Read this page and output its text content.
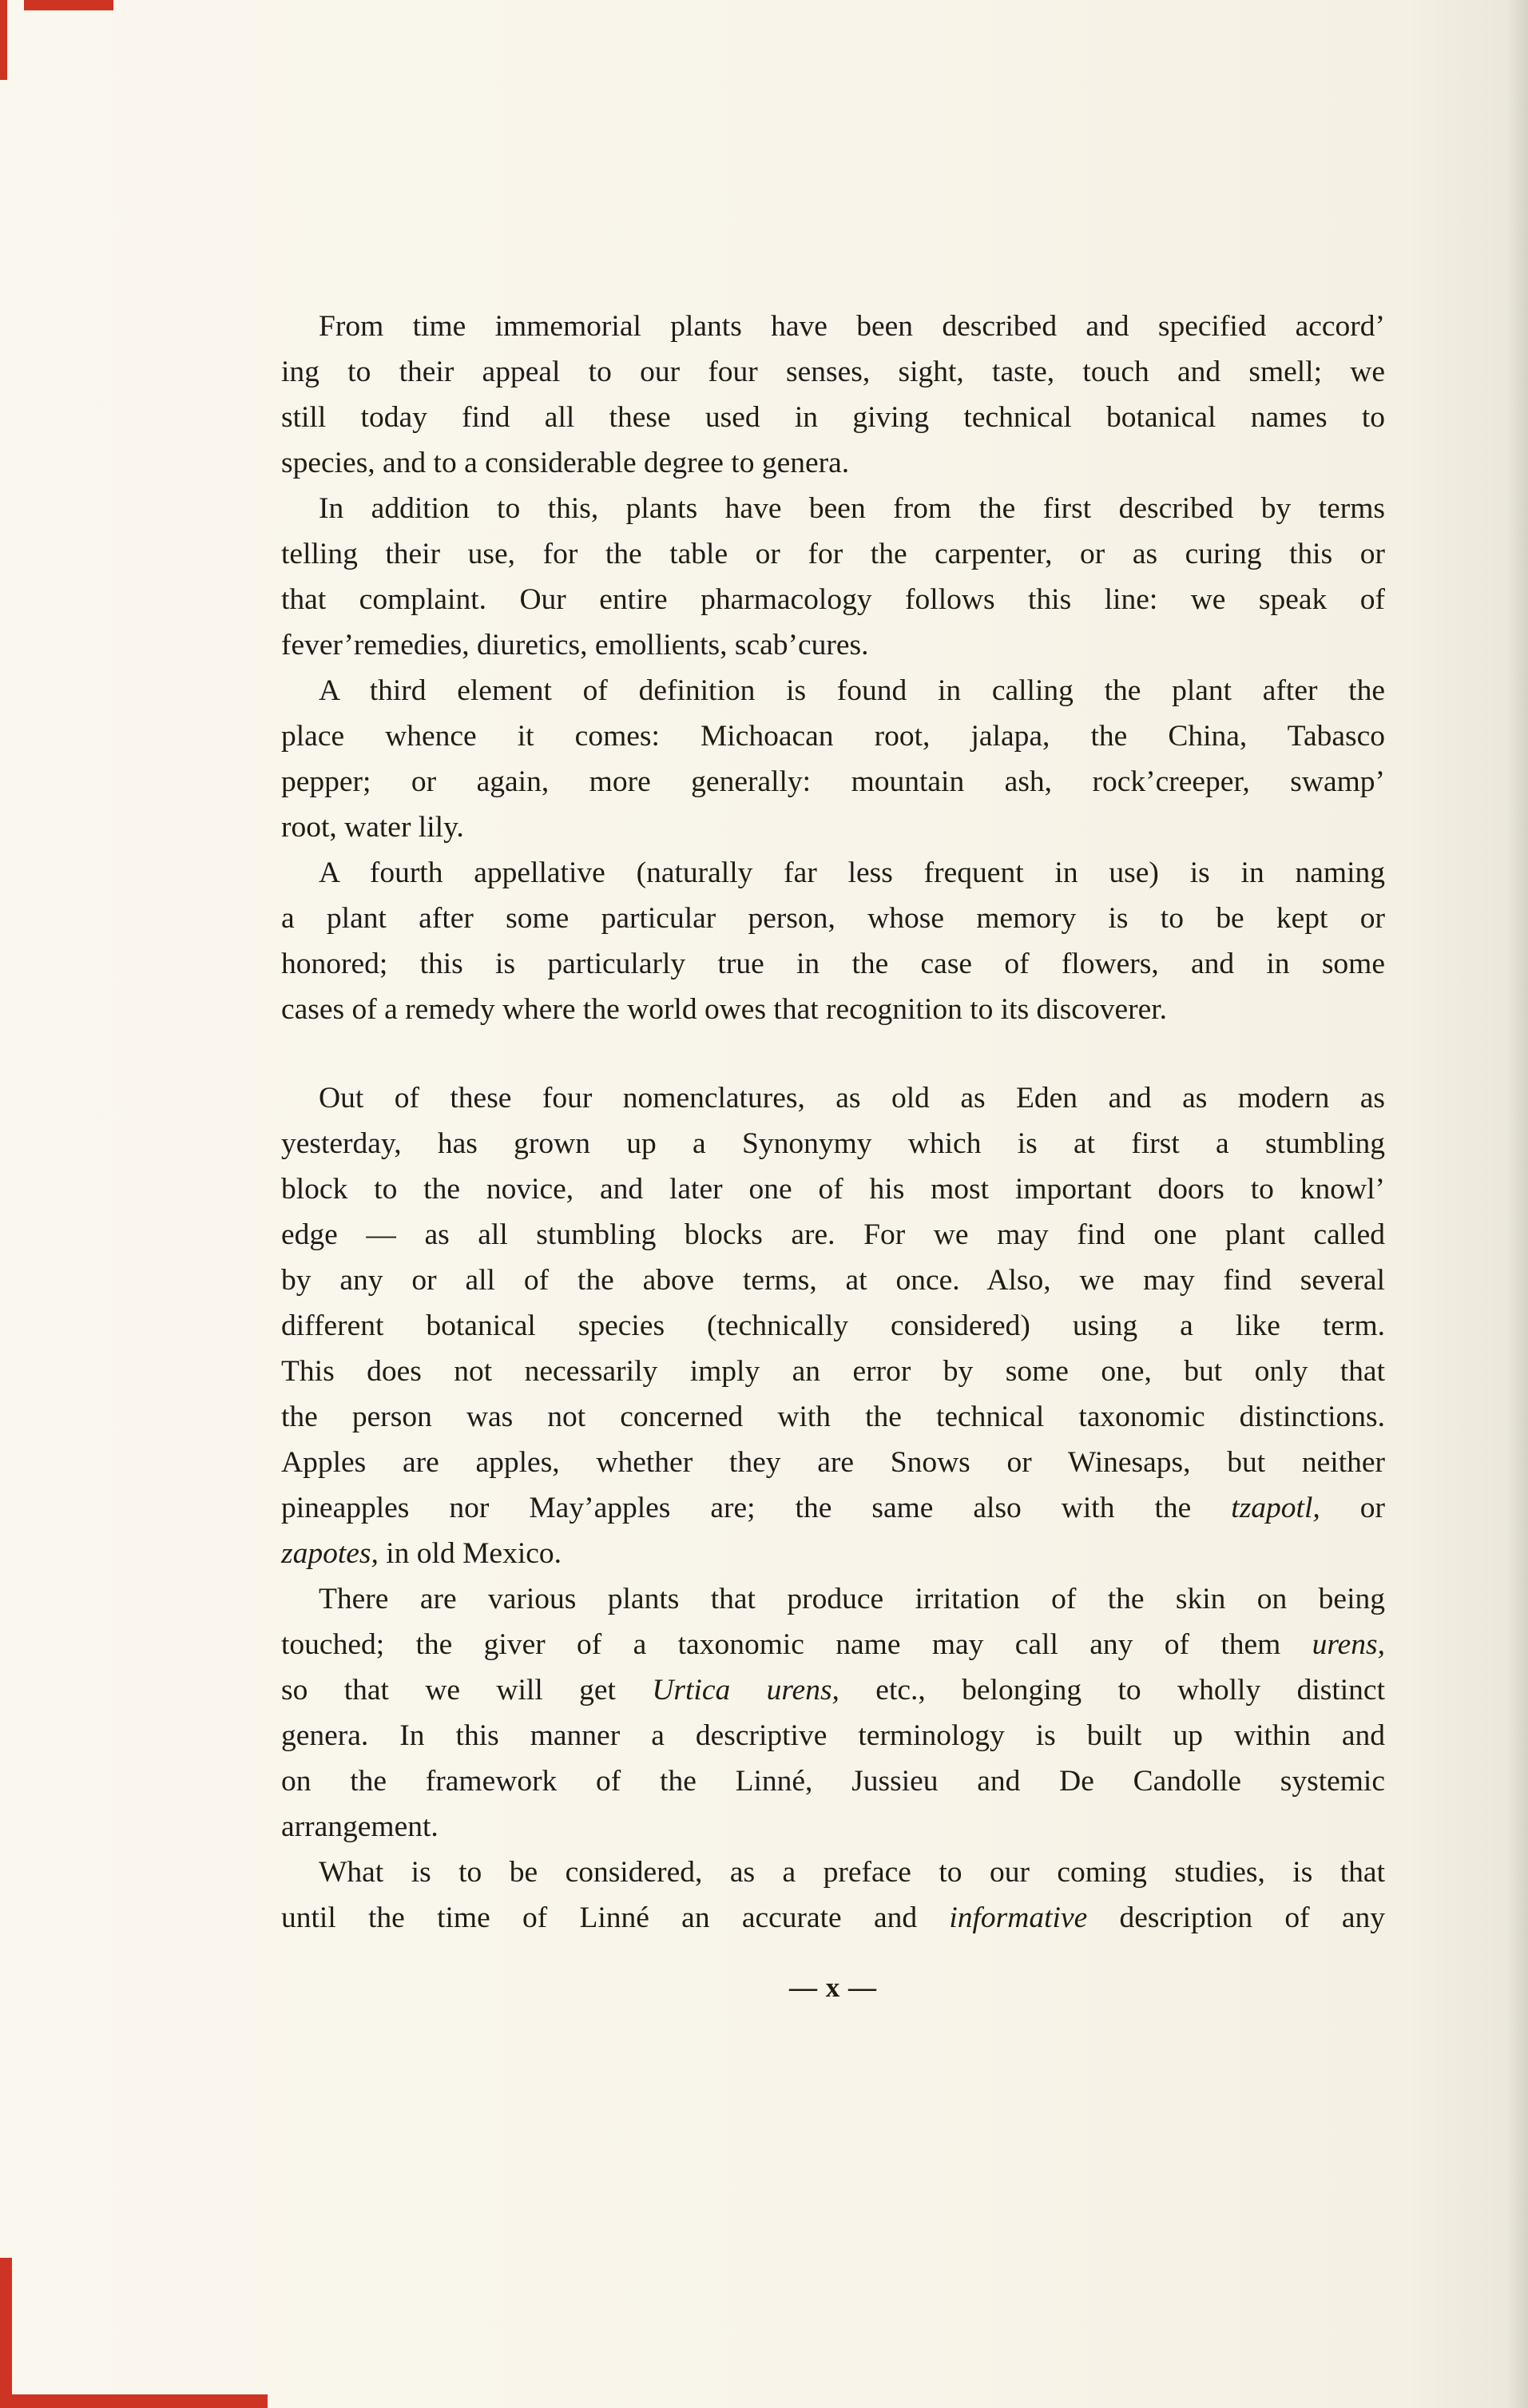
From time immemorial plants have been described and specified accord’
ing to their appeal to our four senses, sight, taste, touch and smell; we
still today find all these used in giving technical botanical names to
species, and to a considerable degree to genera.
In addition to this, plants have been from the first described by terms
telling their use, for the table or for the carpenter, or as curing this or
that complaint. Our entire pharmacology follows this line: we speak of
fever’remedies, diuretics, emollients, scab’cures.
A third element of definition is found in calling the plant after the
place whence it comes: Michoacan root, jalapa, the China, Tabasco
pepper; or again, more generally: mountain ash, rock’creeper, swamp’
root, water lily.
A fourth appellative (naturally far less frequent in use) is in naming
a plant after some particular person, whose memory is to be kept or
honored; this is particularly true in the case of flowers, and in some
cases of a remedy where the world owes that recognition to its discoverer.
Out of these four nomenclatures, as old as Eden and as modern as
yesterday, has grown up a Synonymy which is at first a stumbling
block to the novice, and later one of his most important doors to knowl’
edge — as all stumbling blocks are. For we may find one plant called
by any or all of the above terms, at once. Also, we may find several
different botanical species (technically considered) using a like term.
This does not necessarily imply an error by some one, but only that
the person was not concerned with the technical taxonomic distinctions.
Apples are apples, whether they are Snows or Winesaps, but neither
pineapples nor May’apples are; the same also with the tzapotl, or
zapotes, in old Mexico.
There are various plants that produce irritation of the skin on being
touched; the giver of a taxonomic name may call any of them urens,
so that we will get Urtica urens, etc., belonging to wholly distinct
genera. In this manner a descriptive terminology is built up within and
on the framework of the Linné, Jussieu and De Candolle systemic
arrangement.
What is to be considered, as a preface to our coming studies, is that
until the time of Linné an accurate and informative description of any
— x —
